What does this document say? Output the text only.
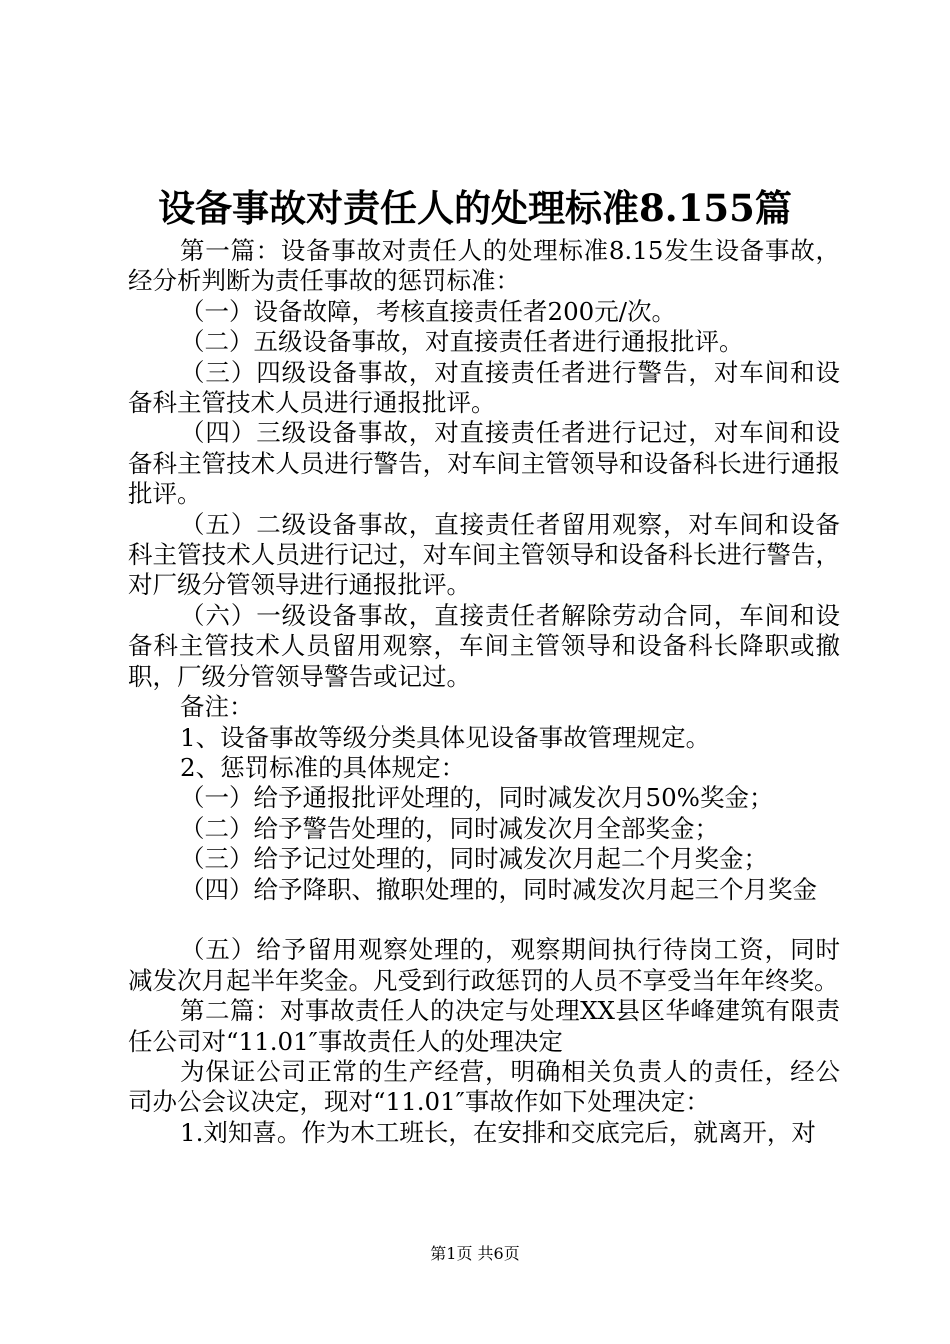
设备事故对责任人的处理标准8.155篇

第一篇：设备事故对责任人的处理标准8.15发生设备事故，经分析判断为责任事故的惩罚标准：

（一）设备故障，考核直接责任者200元/次。

（二）五级设备事故，对直接责任者进行通报批评。

（三）四级设备事故，对直接责任者进行警告，对车间和设备科主管技术人员进行通报批评。

（四）三级设备事故，对直接责任者进行记过，对车间和设备科主管技术人员进行警告，对车间主管领导和设备科长进行通报批评。

（五）二级设备事故，直接责任者留用观察，对车间和设备科主管技术人员进行记过，对车间主管领导和设备科长进行警告，对厂级分管领导进行通报批评。

（六）一级设备事故，直接责任者解除劳动合同，车间和设备科主管技术人员留用观察，车间主管领导和设备科长降职或撤职，厂级分管领导警告或记过。

备注：

1、设备事故等级分类具体见设备事故管理规定。

2、惩罚标准的具体规定：

（一）给予通报批评处理的，同时减发次月50%奖金；

（二）给予警告处理的，同时减发次月全部奖金；

（三）给予记过处理的，同时减发次月起二个月奖金；

（四）给予降职、撤职处理的，同时减发次月起三个月奖金

（五）给予留用观察处理的，观察期间执行待岗工资，同时减发次月起半年奖金。凡受到行政惩罚的人员不享受当年年终奖。

第二篇：对事故责任人的决定与处理XX县区华峰建筑有限责任公司对“11.01″事故责任人的处理决定

为保证公司正常的生产经营，明确相关负责人的责任，经公司办公会议决定，现对“11.01″事故作如下处理决定：

1.刘知喜。作为木工班长，在安排和交底完后，就离开，对

第1页 共6页
